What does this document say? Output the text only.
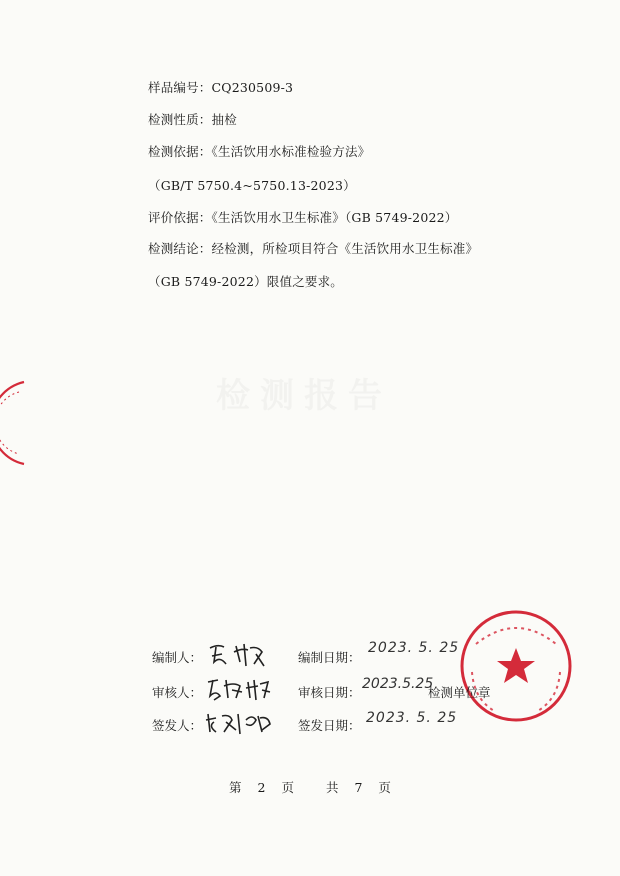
样品编号：CQ230509-3
检测性质：抽检
检测依据：《生活饮用水标准检验方法》
（GB/T 5750.4~5750.13-2023）
评价依据：《生活饮用水卫生标准》（GB 5749-2022）
检测结论：经检测，所检项目符合《生活饮用水卫生标准》
（GB 5749-2022）限值之要求。
编制人：	编制日期：
2023. 5. 25
审核人：	审核日期：
2023.5.25
签发人：	签发日期： 2023. 5. 25
检测单位章
第 2 页	共 7 页
